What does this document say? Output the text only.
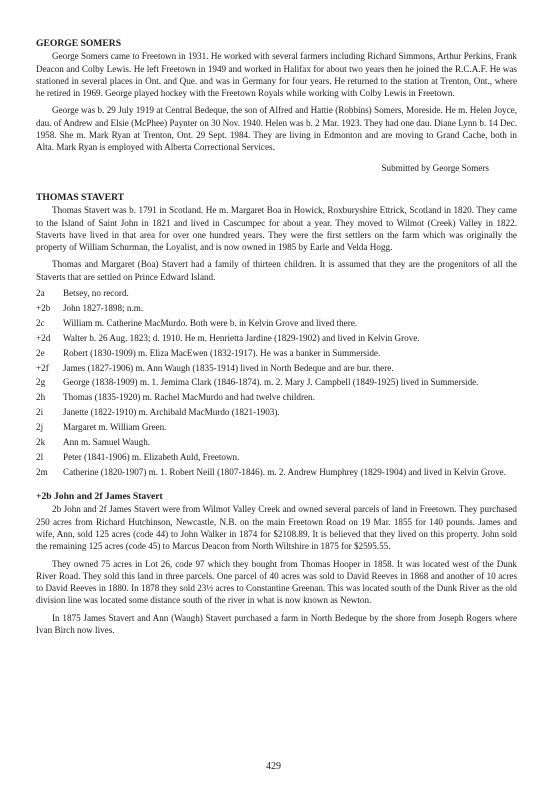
GEORGE SOMERS

George Somers came to Freetown in 1931. He worked with several farmers including Richard Simmons, Arthur Perkins, Frank Deacon and Colby Lewis. He left Freetown in 1949 and worked in Halifax for about two years then he joined the R.C.A.F. He was stationed in several places in Ont. and Que. and was in Germany for four years. He returned to the station at Trenton, Ont., where he retired in 1969. George played hockey with the Freetown Royals while working with Colby Lewis in Freetown.

George was b. 29 July 1919 at Central Bedeque, the son of Alfred and Hattie (Robbins) Somers, Moreside. He m. Helen Joyce, dau. of Andrew and Elsie (McPhee) Paynter on 30 Nov. 1940. Helen was b. 2 Mar. 1923. They had one dau. Diane Lynn b. 14 Dec. 1958. She m. Mark Ryan at Trenton, Ont. 29 Sept. 1984. They are living in Edmonton and are moving to Grand Cache, both in Alta. Mark Ryan is employed with Alberta Correctional Services.

Submitted by George Somers
THOMAS STAVERT

Thomas Stavert was b. 1791 in Scotland. He m. Margaret Boa in Howick, Roxburyshire Ettrick, Scotland in 1820. They came to the Island of Saint John in 1821 and lived in Cascumpec for about a year. They moved to Wilmot (Creek) Valley in 1822. Staverts have lived in that area for over one hundred years. They were the first settlers on the farm which was originally the property of William Schurman, the Loyalist, and is now owned in 1985 by Earle and Velda Hogg.

Thomas and Margaret (Boa) Stavert had a family of thirteen children. It is assumed that they are the progenitors of all the Staverts that are settled on Prince Edward Island.

2a	Betsey, no record.
+2b	John 1827-1898; n.m.
2c	William m. Catherine MacMurdo. Both were b. in Kelvin Grove and lived there.
+2d	Walter b. 26 Aug. 1823; d. 1910. He m. Henrietta Jardine (1829-1902) and lived in Kelvin Grove.
2e	Robert (1830-1909) m. Eliza MacEwen (1832-1917). He was a banker in Summerside.
+2f	James (1827-1906) m. Ann Waugh (1835-1914) lived in North Bedeque and are bur. there.
2g	George (1838-1909) m. 1. Jemima Clark (1846-1874). m. 2. Mary J. Campbell (1849-1925) lived in Summerside.
2h	Thomas (1835-1920) m. Rachel MacMurdo and had twelve children.
2i	Janette (1822-1910) m. Archibald MacMurdo (1821-1903).
2j	Margaret m. William Green.
2k	Ann m. Samuel Waugh.
2l	Peter (1841-1906) m. Elizabeth Auld, Freetown.
2m	Catherine (1820-1907) m. 1. Robert Neill (1807-1846). m. 2. Andrew Humphrey (1829-1904) and lived in Kelvin Grove.
+2b John and 2f James Stavert

2b John and 2f James Stavert were from Wilmot Valley Creek and owned several parcels of land in Freetown. They purchased 250 acres from Richard Hutchinson, Newcastle, N.B. on the main Freetown Road on 19 Mar. 1855 for 140 pounds. James and wife, Ann, sold 125 acres (code 44) to John Walker in 1874 for $2108.89. It is believed that they lived on this property. John sold the remaining 125 acres (code 45) to Marcus Deacon from North Wiltshire in 1875 for $2595.55.

They owned 75 acres in Lot 26, code 97 which they bought from Thomas Hooper in 1858. It was located west of the Dunk River Road. They sold this land in three parcels. One parcel of 40 acres was sold to David Reeves in 1868 and another of 10 acres to David Reeves in 1880. In 1878 they sold 23½ acres to Constantine Greenan. This was located south of the Dunk River as the old division line was located some distance south of the river in what is now known as Newton.

In 1875 James Stavert and Ann (Waugh) Stavert purchased a farm in North Bedeque by the shore from Joseph Rogers where Ivan Birch now lives.

429
